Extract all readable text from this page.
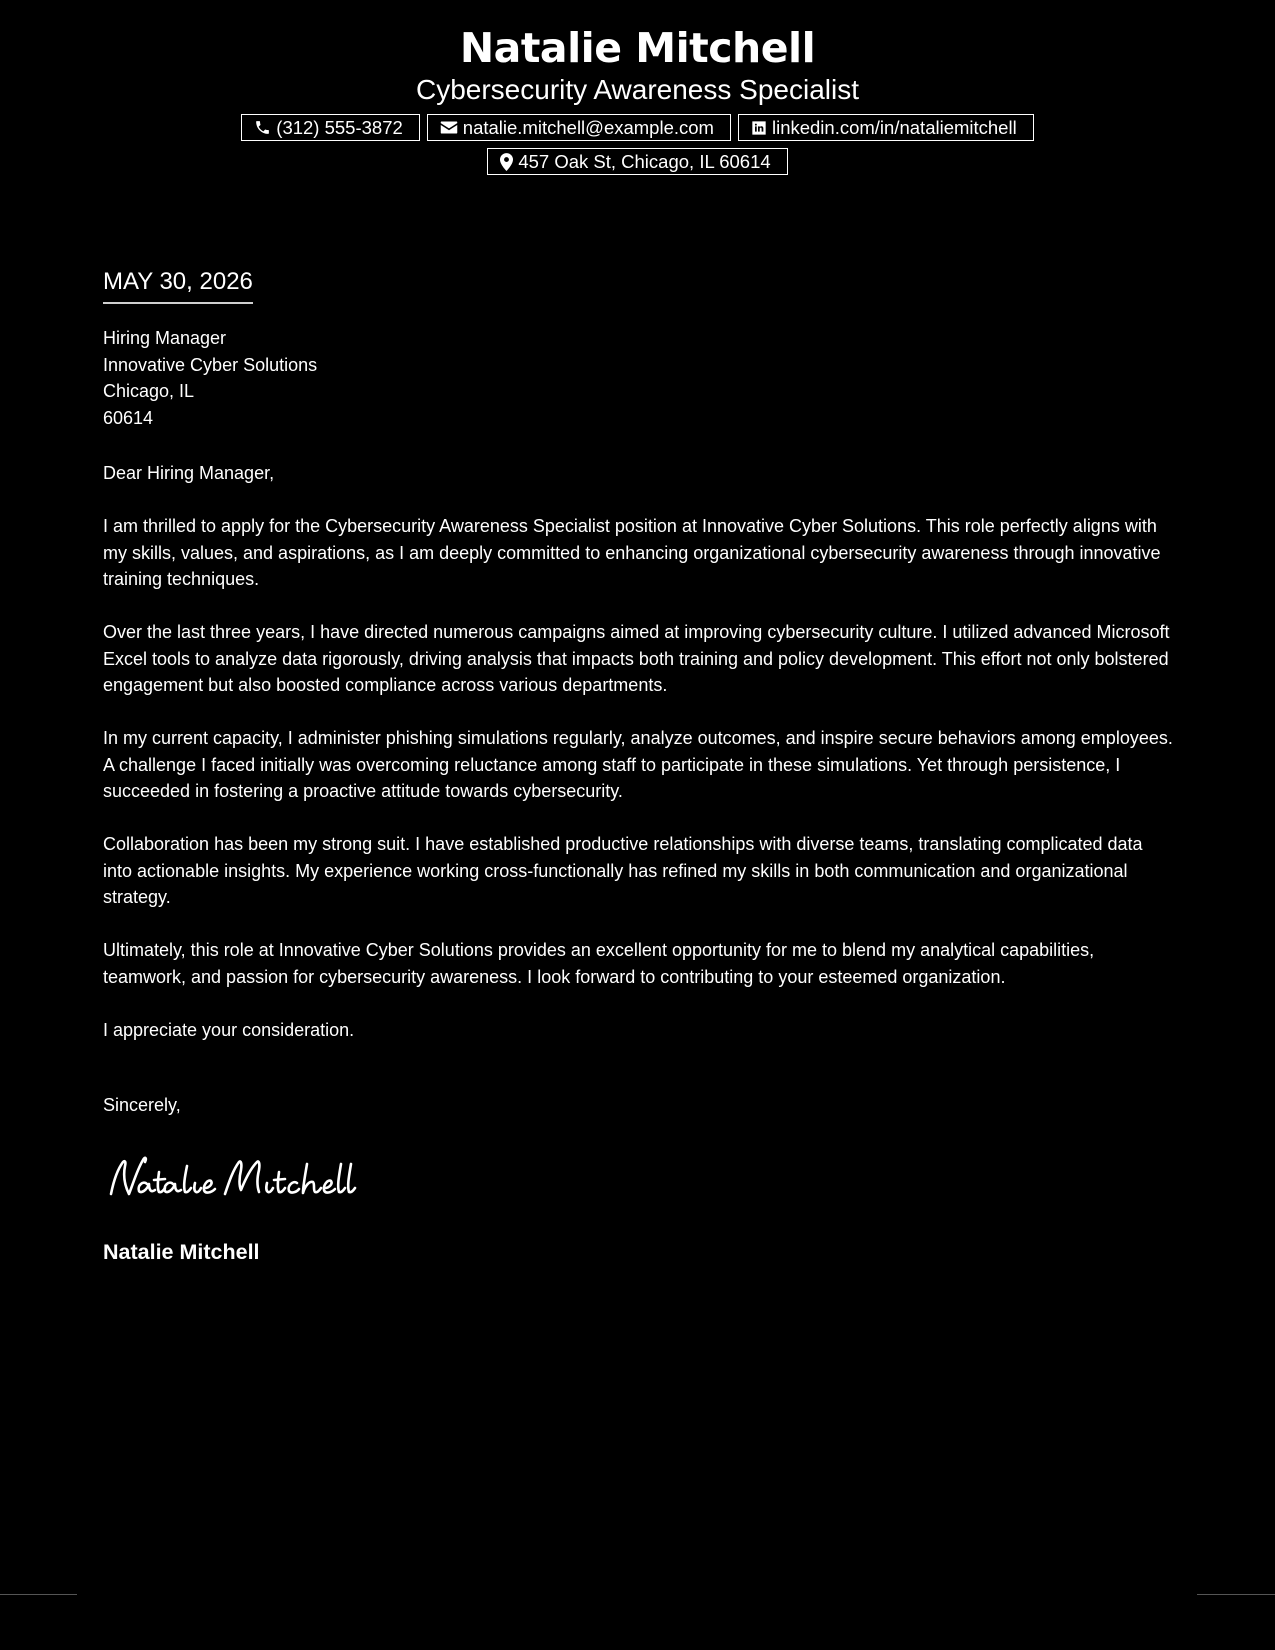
Natalie Mitchell
Cybersecurity Awareness Specialist
(312) 555-3872	natalie.mitchell@example.com	linkedin.com/in/nataliemitchell
457 Oak St, Chicago, IL 60614
MAY 30, 2026
Hiring Manager
Innovative Cyber Solutions
Chicago, IL
60614
Dear Hiring Manager,

I am thrilled to apply for the Cybersecurity Awareness Specialist position at Innovative Cyber Solutions. This role perfectly aligns with my skills, values, and aspirations, as I am deeply committed to enhancing organizational cybersecurity awareness through innovative training techniques.

Over the last three years, I have directed numerous campaigns aimed at improving cybersecurity culture. I utilized advanced Microsoft Excel tools to analyze data rigorously, driving analysis that impacts both training and policy development. This effort not only bolstered engagement but also boosted compliance across various departments.

In my current capacity, I administer phishing simulations regularly, analyze outcomes, and inspire secure behaviors among employees. A challenge I faced initially was overcoming reluctance among staff to participate in these simulations. Yet through persistence, I succeeded in fostering a proactive attitude towards cybersecurity.

Collaboration has been my strong suit. I have established productive relationships with diverse teams, translating complicated data into actionable insights. My experience working cross-functionally has refined my skills in both communication and organizational strategy.

Ultimately, this role at Innovative Cyber Solutions provides an excellent opportunity for me to blend my analytical capabilities, teamwork, and passion for cybersecurity awareness. I look forward to contributing to your esteemed organization.

I appreciate your consideration.

Sincerely,
Natalie Mitchell
